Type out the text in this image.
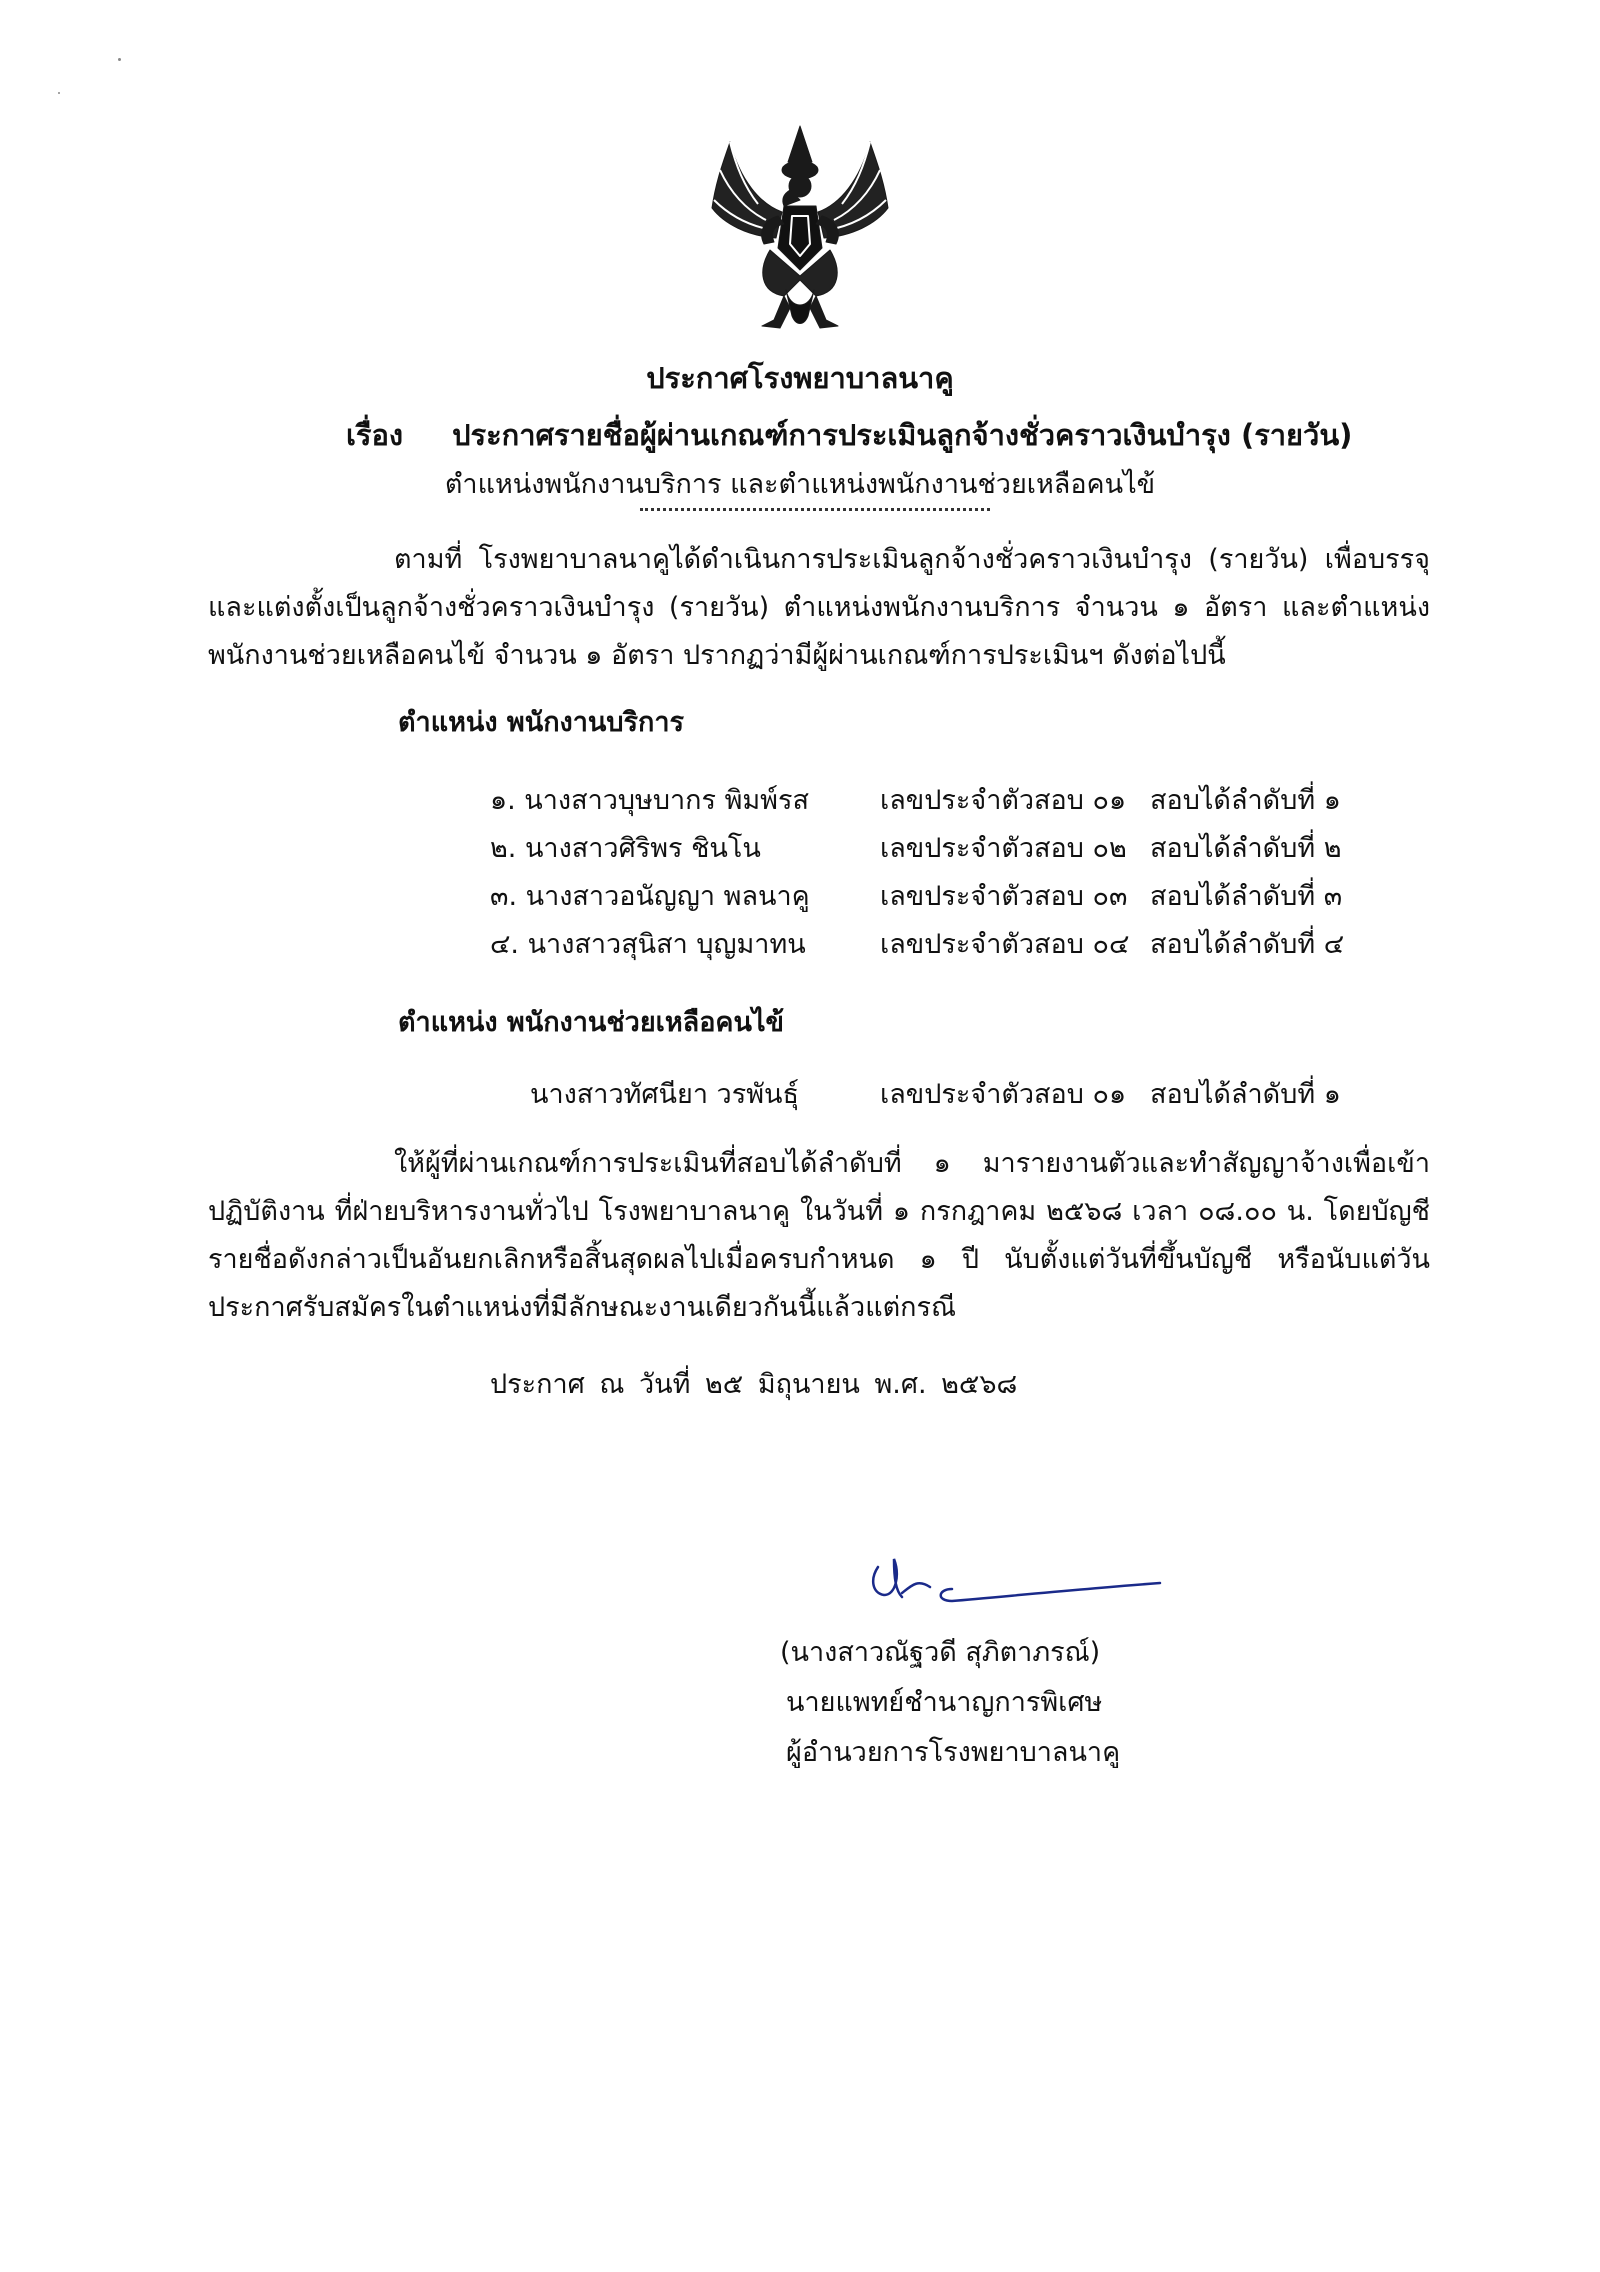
ประกาศโรงพยาบาลนาคู
เรื่อง ประกาศรายชื่อผู้ผ่านเกณฑ์การประเมินลูกจ้างชั่วคราวเงินบำรุง (รายวัน)
ตำแหน่งพนักงานบริการ และตำแหน่งพนักงานช่วยเหลือคนไข้
ตามที่ โรงพยาบาลนาคูได้ดำเนินการประเมินลูกจ้างชั่วคราวเงินบำรุง (รายวัน) เพื่อบรรจุ
และแต่งตั้งเป็นลูกจ้างชั่วคราวเงินบำรุง (รายวัน) ตำแหน่งพนักงานบริการ จำนวน ๑ อัตรา และตำแหน่ง
พนักงานช่วยเหลือคนไข้ จำนวน ๑ อัตรา ปรากฏว่ามีผู้ผ่านเกณฑ์การประเมินฯ ดังต่อไปนี้
ตำแหน่ง พนักงานบริการ
๑. นางสาวบุษบากร พิมพ์รส	เลขประจำตัวสอบ ๐๑ สอบได้ลำดับที่ ๑
๒. นางสาวศิริพร ชินโน	เลขประจำตัวสอบ ๐๒ สอบได้ลำดับที่ ๒
๓. นางสาวอนัญญา พลนาคู	เลขประจำตัวสอบ ๐๓ สอบได้ลำดับที่ ๓
๔. นางสาวสุนิสา บุญมาทน	เลขประจำตัวสอบ ๐๔ สอบได้ลำดับที่ ๔
ตำแหน่ง พนักงานช่วยเหลือคนไข้
นางสาวทัศนียา วรพันธุ์	เลขประจำตัวสอบ ๐๑ สอบได้ลำดับที่ ๑
ให้ผู้ที่ผ่านเกณฑ์การประเมินที่สอบได้ลำดับที่ ๑ มารายงานตัวและทำสัญญาจ้างเพื่อเข้า
ปฏิบัติงาน ที่ฝ่ายบริหารงานทั่วไป โรงพยาบาลนาคู ในวันที่ ๑ กรกฎาคม ๒๕๖๘ เวลา ๐๘.๐๐ น. โดยบัญชี
รายชื่อดังกล่าวเป็นอันยกเลิกหรือสิ้นสุดผลไปเมื่อครบกำหนด ๑ ปี นับตั้งแต่วันที่ขึ้นบัญชี หรือนับแต่วัน
ประกาศรับสมัครในตำแหน่งที่มีลักษณะงานเดียวกันนี้แล้วแต่กรณี
ประกาศ ณ วันที่ ๒๕ มิถุนายน พ.ศ. ๒๕๖๘
(นางสาวณัฐวดี สุภิตาภรณ์)
นายแพทย์ชำนาญการพิเศษ
ผู้อำนวยการโรงพยาบาลนาคู
